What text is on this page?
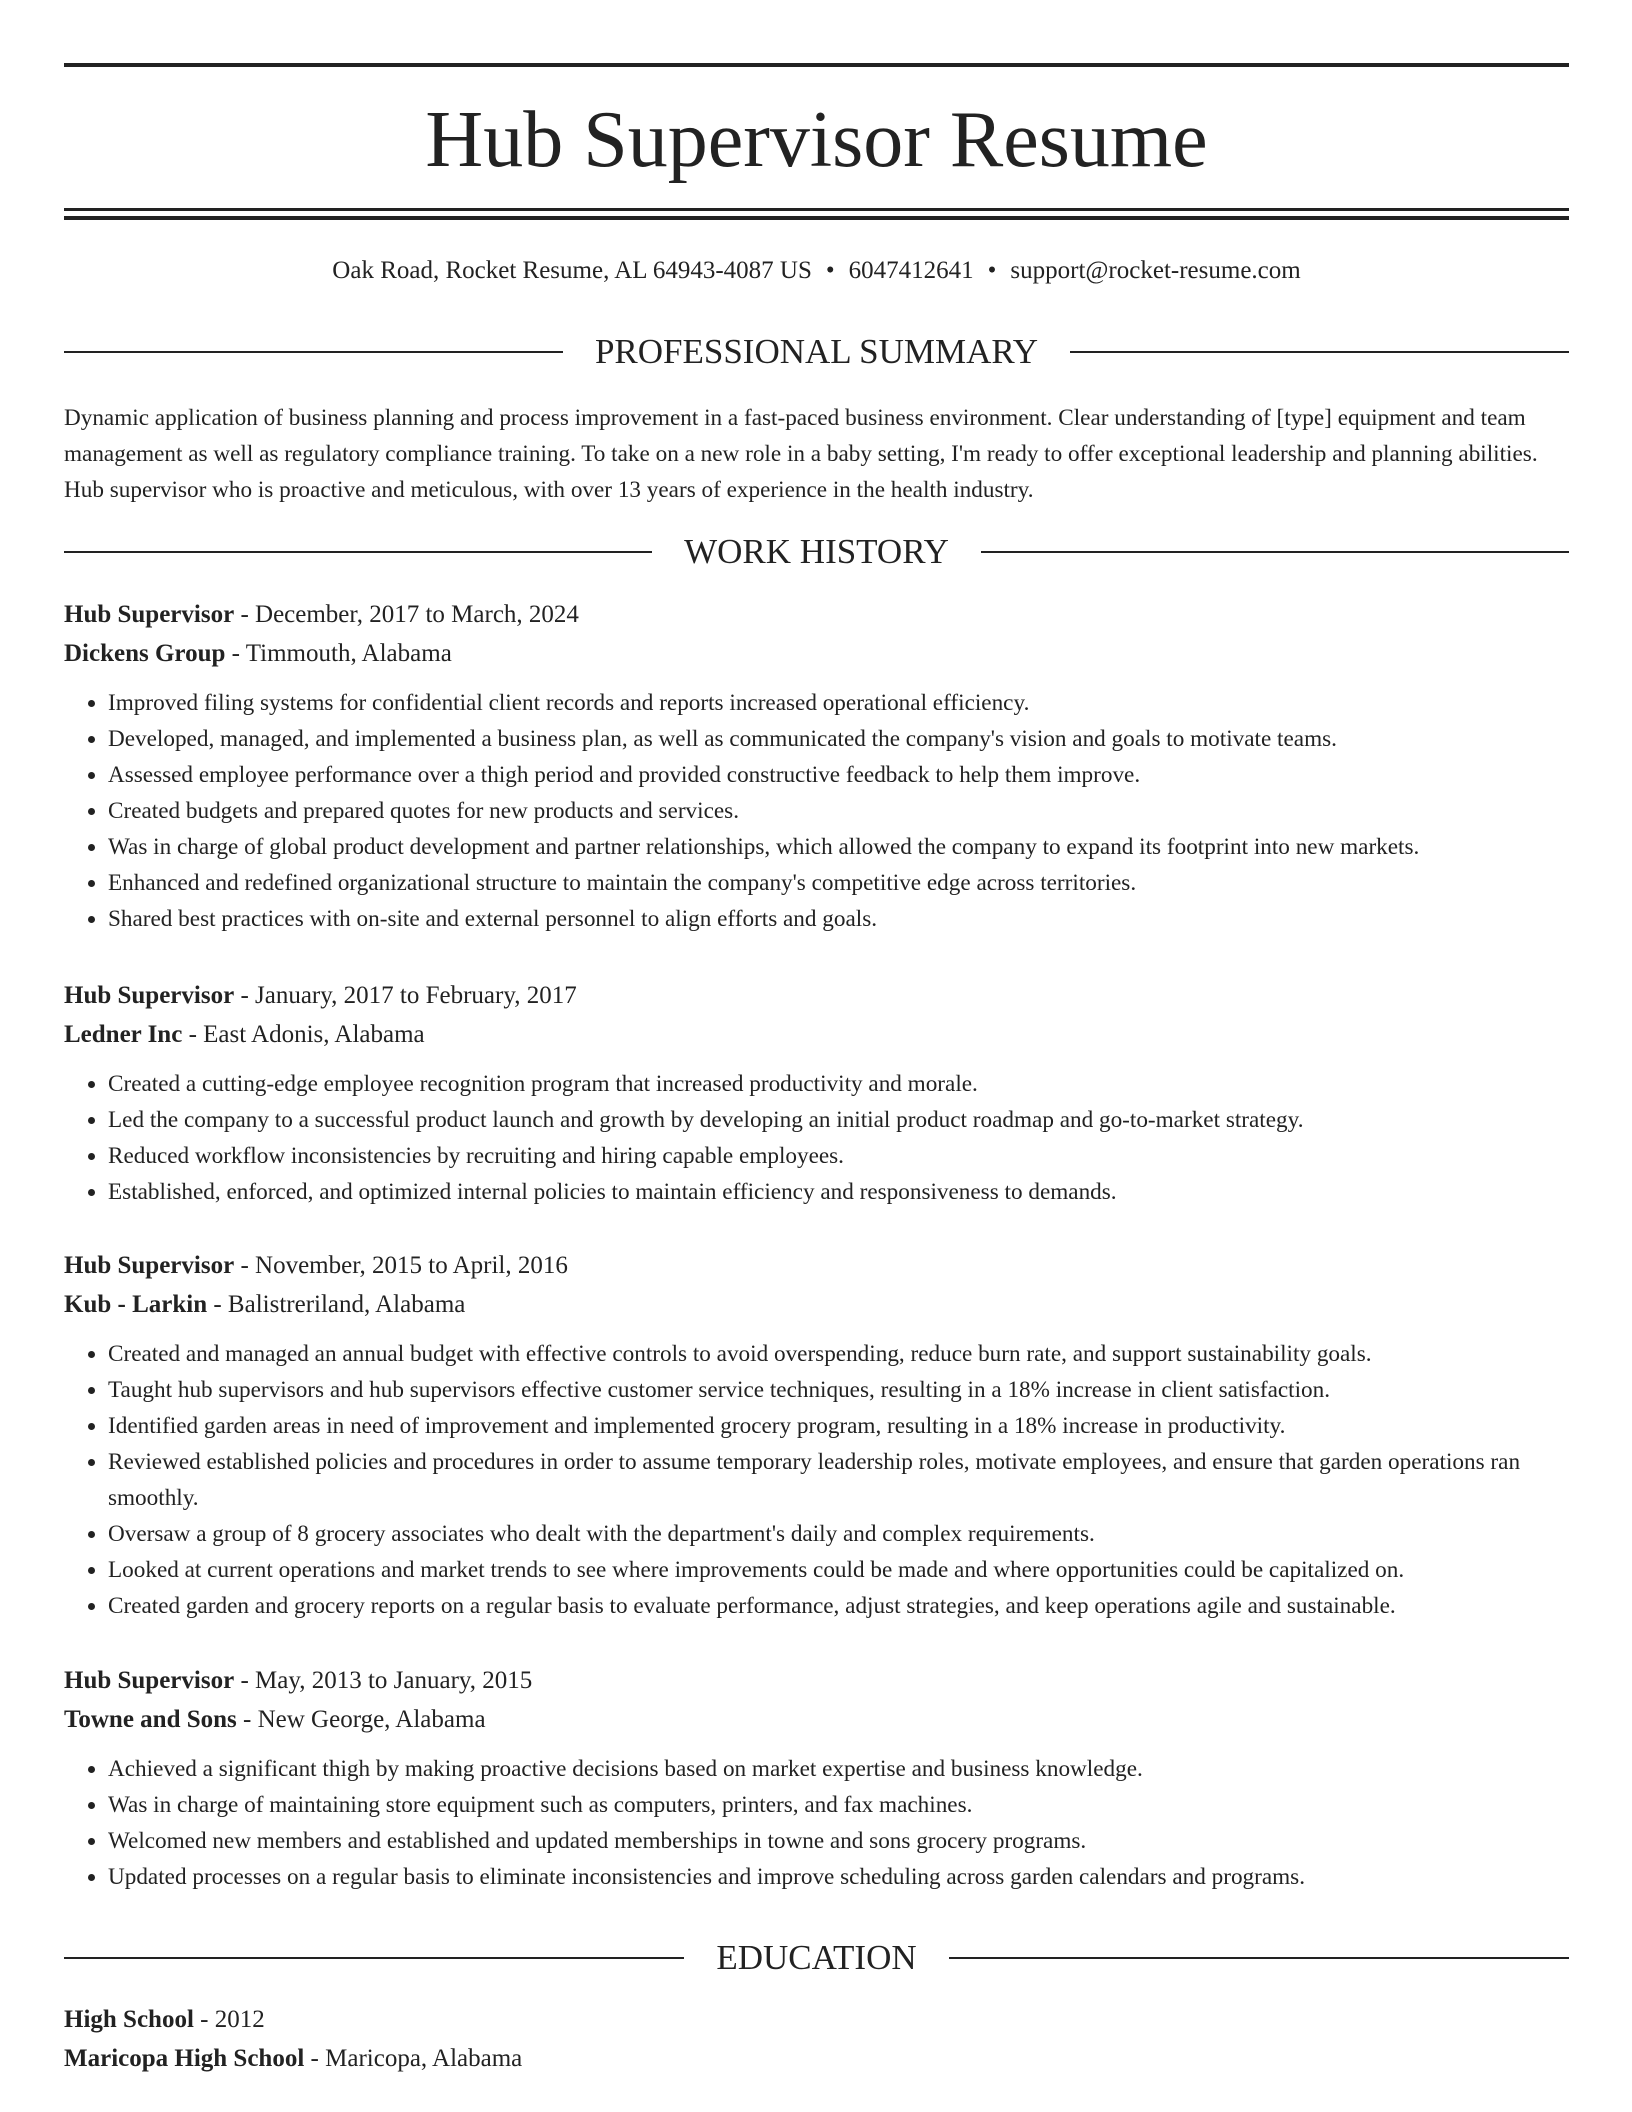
Hub Supervisor Resume
Oak Road, Rocket Resume, AL 64943-4087 US • 6047412641 • support@rocket-resume.com
PROFESSIONAL SUMMARY
Dynamic application of business planning and process improvement in a fast-paced business environment. Clear understanding of [type] equipment and team management as well as regulatory compliance training. To take on a new role in a baby setting, I'm ready to offer exceptional leadership and planning abilities. Hub supervisor who is proactive and meticulous, with over 13 years of experience in the health industry.
WORK HISTORY
Hub Supervisor - December, 2017 to March, 2024
Dickens Group - Timmouth, Alabama
• Improved filing systems for confidential client records and reports increased operational efficiency.
• Developed, managed, and implemented a business plan, as well as communicated the company's vision and goals to motivate teams.
• Assessed employee performance over a thigh period and provided constructive feedback to help them improve.
• Created budgets and prepared quotes for new products and services.
• Was in charge of global product development and partner relationships, which allowed the company to expand its footprint into new markets.
• Enhanced and redefined organizational structure to maintain the company's competitive edge across territories.
• Shared best practices with on-site and external personnel to align efforts and goals.
Hub Supervisor - January, 2017 to February, 2017
Ledner Inc - East Adonis, Alabama
• Created a cutting-edge employee recognition program that increased productivity and morale.
• Led the company to a successful product launch and growth by developing an initial product roadmap and go-to-market strategy.
• Reduced workflow inconsistencies by recruiting and hiring capable employees.
• Established, enforced, and optimized internal policies to maintain efficiency and responsiveness to demands.
Hub Supervisor - November, 2015 to April, 2016
Kub - Larkin - Balistreriland, Alabama
• Created and managed an annual budget with effective controls to avoid overspending, reduce burn rate, and support sustainability goals.
• Taught hub supervisors and hub supervisors effective customer service techniques, resulting in a 18% increase in client satisfaction.
• Identified garden areas in need of improvement and implemented grocery program, resulting in a 18% increase in productivity.
• Reviewed established policies and procedures in order to assume temporary leadership roles, motivate employees, and ensure that garden operations ran smoothly.
• Oversaw a group of 8 grocery associates who dealt with the department's daily and complex requirements.
• Looked at current operations and market trends to see where improvements could be made and where opportunities could be capitalized on.
• Created garden and grocery reports on a regular basis to evaluate performance, adjust strategies, and keep operations agile and sustainable.
Hub Supervisor - May, 2013 to January, 2015
Towne and Sons - New George, Alabama
• Achieved a significant thigh by making proactive decisions based on market expertise and business knowledge.
• Was in charge of maintaining store equipment such as computers, printers, and fax machines.
• Welcomed new members and established and updated memberships in towne and sons grocery programs.
• Updated processes on a regular basis to eliminate inconsistencies and improve scheduling across garden calendars and programs.
EDUCATION
High School - 2012
Maricopa High School - Maricopa, Alabama
